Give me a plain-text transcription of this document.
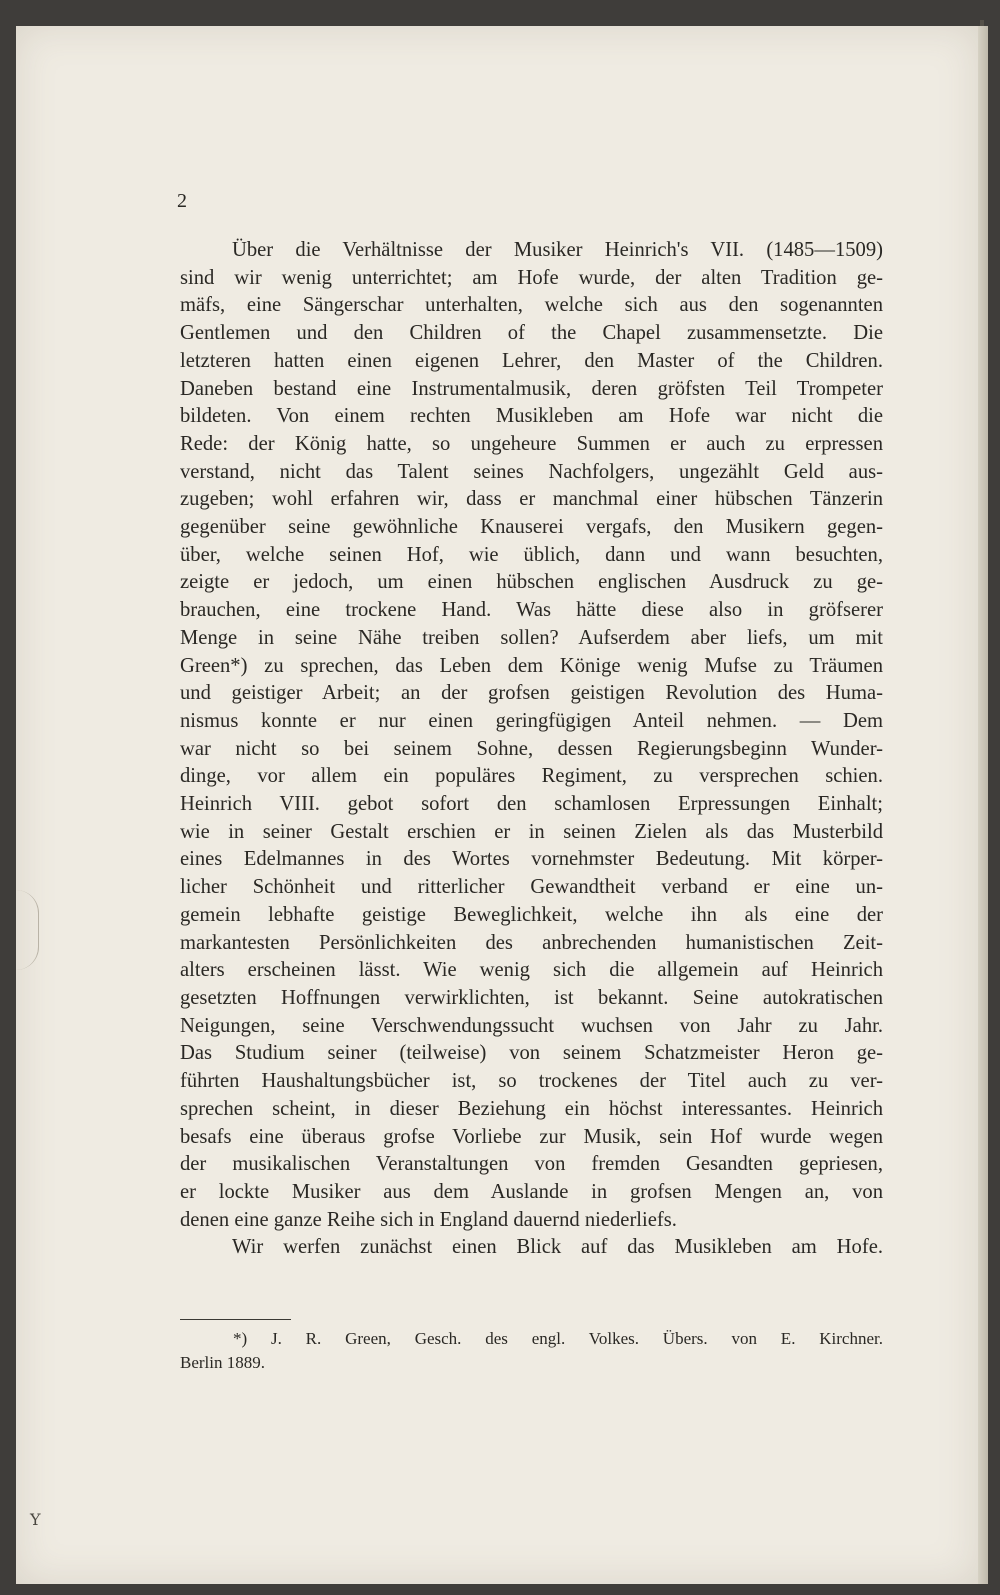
2
Über die Verhältnisse der Musiker Heinrich's VII. (1485—1509)
sind wir wenig unterrichtet; am Hofe wurde, der alten Tradition ge-
mäfs, eine Sängerschar unterhalten, welche sich aus den sogenannten
Gentlemen und den Children of the Chapel zusammensetzte. Die
letzteren hatten einen eigenen Lehrer, den Master of the Children.
Daneben bestand eine Instrumentalmusik, deren gröfsten Teil Trompeter
bildeten. Von einem rechten Musikleben am Hofe war nicht die
Rede: der König hatte, so ungeheure Summen er auch zu erpressen
verstand, nicht das Talent seines Nachfolgers, ungezählt Geld aus-
zugeben; wohl erfahren wir, dass er manchmal einer hübschen Tänzerin
gegenüber seine gewöhnliche Knauserei vergafs, den Musikern gegen-
über, welche seinen Hof, wie üblich, dann und wann besuchten,
zeigte er jedoch, um einen hübschen englischen Ausdruck zu ge-
brauchen, eine trockene Hand. Was hätte diese also in gröfserer
Menge in seine Nähe treiben sollen? Aufserdem aber liefs, um mit
Green*) zu sprechen, das Leben dem Könige wenig Mufse zu Träumen
und geistiger Arbeit; an der grofsen geistigen Revolution des Huma-
nismus konnte er nur einen geringfügigen Anteil nehmen. — Dem
war nicht so bei seinem Sohne, dessen Regierungsbeginn Wunder-
dinge, vor allem ein populäres Regiment, zu versprechen schien.
Heinrich VIII. gebot sofort den schamlosen Erpressungen Einhalt;
wie in seiner Gestalt erschien er in seinen Zielen als das Musterbild
eines Edelmannes in des Wortes vornehmster Bedeutung. Mit körper-
licher Schönheit und ritterlicher Gewandtheit verband er eine un-
gemein lebhafte geistige Beweglichkeit, welche ihn als eine der
markantesten Persönlichkeiten des anbrechenden humanistischen Zeit-
alters erscheinen lässt. Wie wenig sich die allgemein auf Heinrich
gesetzten Hoffnungen verwirklichten, ist bekannt. Seine autokratischen
Neigungen, seine Verschwendungssucht wuchsen von Jahr zu Jahr.
Das Studium seiner (teilweise) von seinem Schatzmeister Heron ge-
führten Haushaltungsbücher ist, so trockenes der Titel auch zu ver-
sprechen scheint, in dieser Beziehung ein höchst interessantes. Heinrich
besafs eine überaus grofse Vorliebe zur Musik, sein Hof wurde wegen
der musikalischen Veranstaltungen von fremden Gesandten gepriesen,
er lockte Musiker aus dem Auslande in grofsen Mengen an, von
denen eine ganze Reihe sich in England dauernd niederliefs.
Wir werfen zunächst einen Blick auf das Musikleben am Hofe.
*) J. R. Green, Gesch. des engl. Volkes. Übers. von E. Kirchner.
Berlin 1889.
Y
